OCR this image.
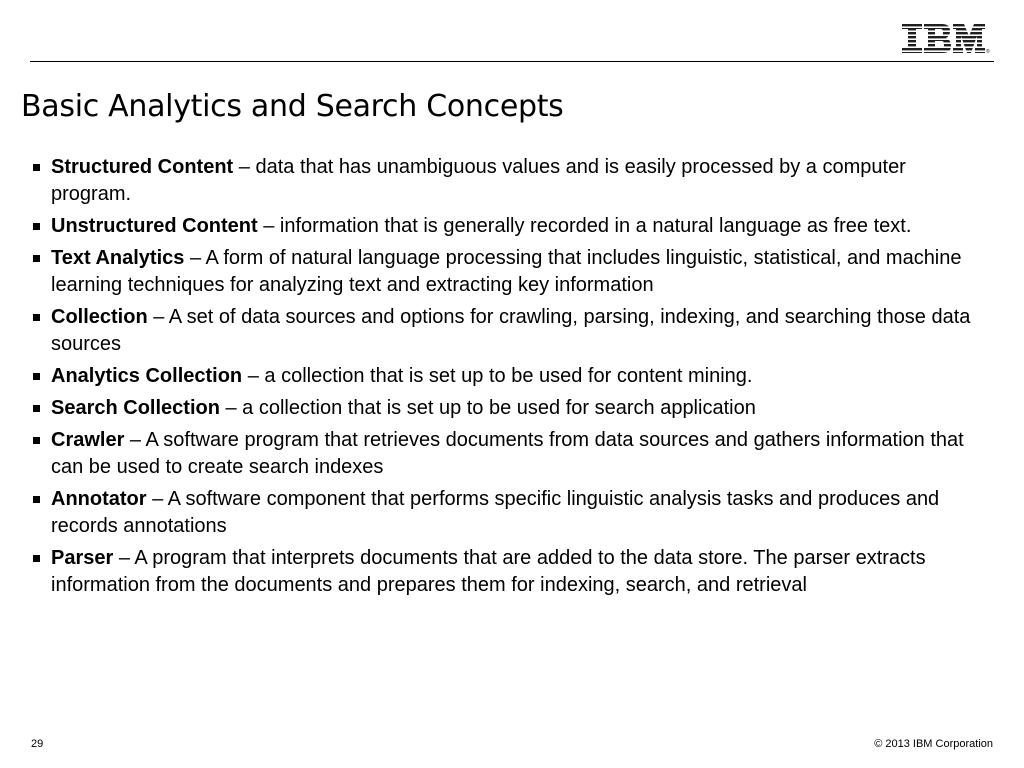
®
Basic Analytics and Search Concepts
Structured Content – data that has unambiguous values and is easily processed by a computer program.
Unstructured Content – information that is generally recorded in a natural language as free text.
Text Analytics – A form of natural language processing that includes linguistic, statistical, and machine learning techniques for analyzing text and extracting key information
Collection – A set of data sources and options for crawling, parsing, indexing, and searching those data sources
Analytics Collection – a collection that is set up to be used for content mining.
Search Collection – a collection that is set up to be used for search application
Crawler – A software program that retrieves documents from data sources and gathers information that can be used to create search indexes
Annotator – A software component that performs specific linguistic analysis tasks and produces and records annotations
Parser – A program that interprets documents that are added to the data store. The parser extracts information from the documents and prepares them for indexing, search, and retrieval
29	© 2013 IBM Corporation
